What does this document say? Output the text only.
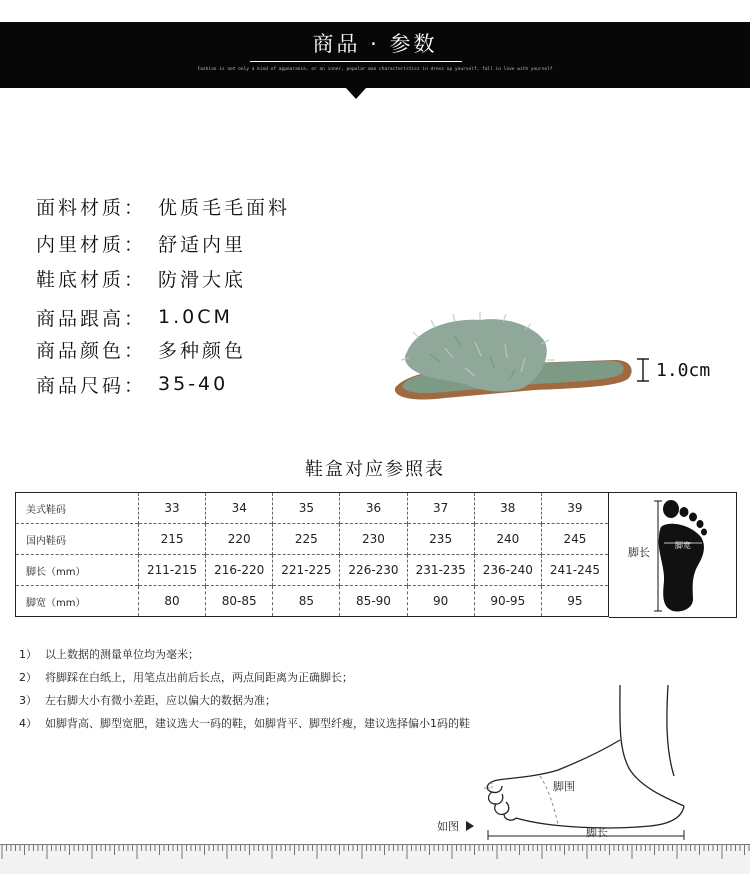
商品 · 参数
Fashion is not only a kind of appearance, or an inner, popular man characteristics in dress up yourself, fall in love with yourself
面料材质： 优质毛毛面料
内里材质： 舒适内里
鞋底材质： 防滑大底
商品跟高： 1.0CM
商品颜色： 多种颜色
商品尺码： 35-40
1.0cm
鞋盒对应参照表
美式鞋码	33	34	35	36	37	38	39
国内鞋码	215	220	225	230	235	240	245
脚长（mm）	211-215	216-220	221-225	226-230	231-235	236-240	241-245
脚宽（mm）	80	80-85	85	85-90	90	90-95	95
脚宽
脚长
1） 以上数据的测量单位均为毫米；
2） 将脚踩在白纸上，用笔点出前后长点，两点间距离为正确脚长；
3） 左右脚大小有微小差距，应以偏大的数据为准；
4） 如脚背高、脚型宽肥，建议选大一码的鞋，如脚背平、脚型纤瘦，建议选择偏小1码的鞋
脚围
脚长
如图
